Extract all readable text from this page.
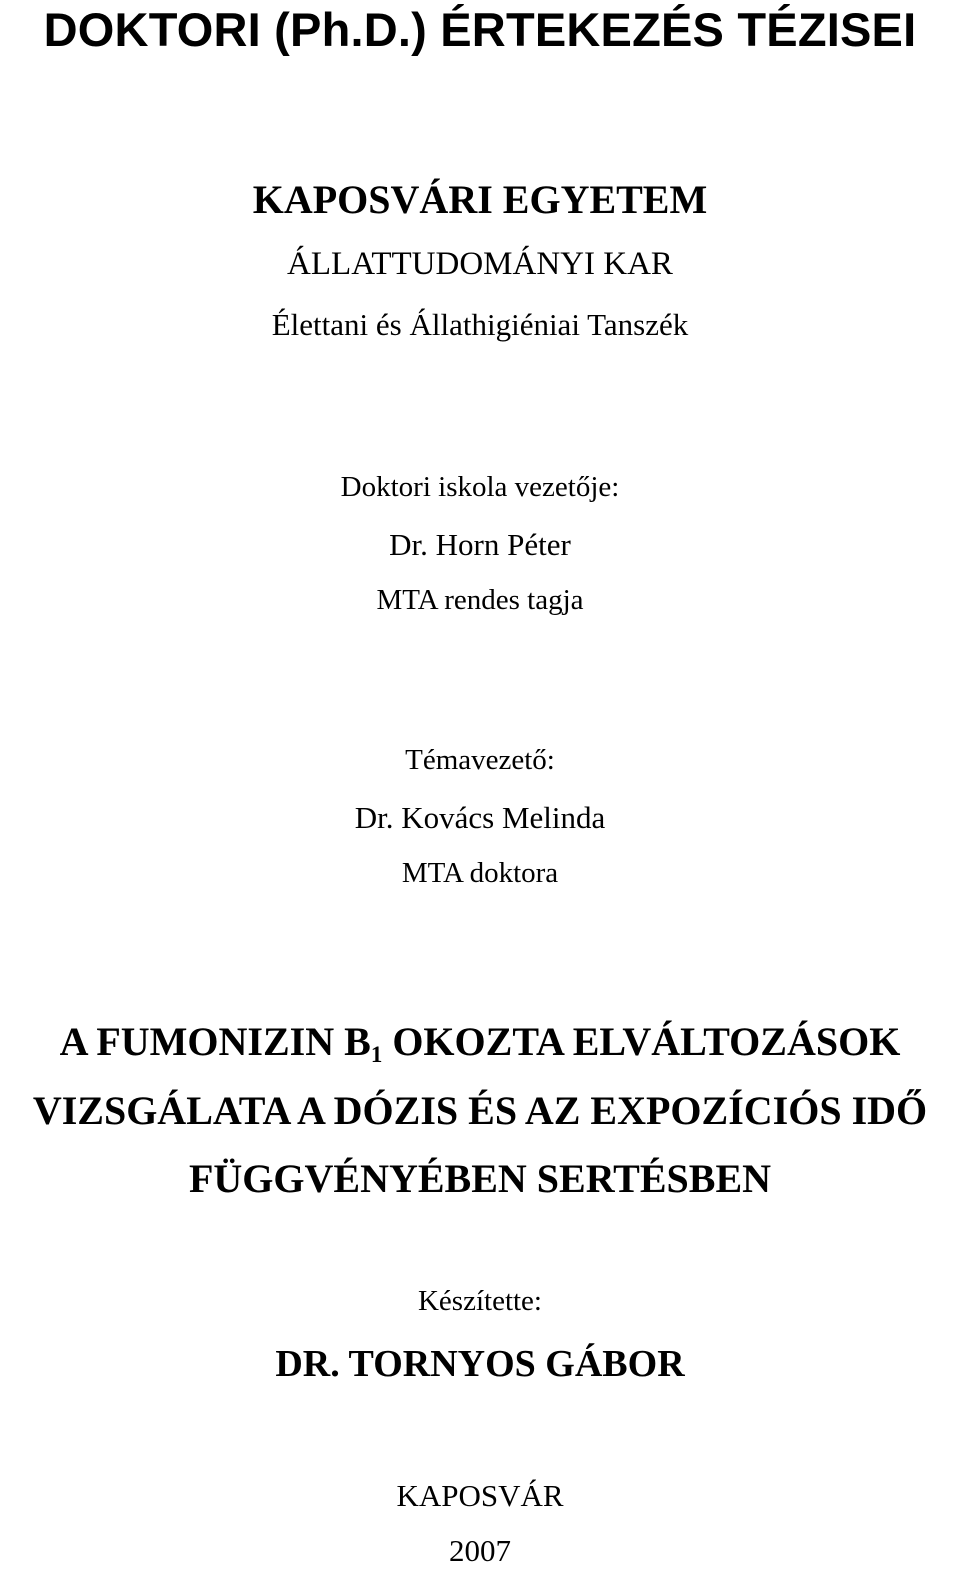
DOKTORI (Ph.D.) ÉRTEKEZÉS TÉZISEI
KAPOSVÁRI EGYETEM
ÁLLATTUDOMÁNYI KAR
Élettani és Állathigiéniai Tanszék
Doktori iskola vezetője:
Dr. Horn Péter
MTA rendes tagja
Témavezető:
Dr. Kovács Melinda
MTA doktora
A FUMONIZIN $B_1$ OKOZTA ELVÁLTOZÁSOK
VIZSGÁLATA A DÓZIS ÉS AZ EXPOZÍCIÓS IDŐ
FÜGGVÉNYÉBEN SERTÉSBEN
Készítette:
DR. TORNYOS GÁBOR
KAPOSVÁR
2007
